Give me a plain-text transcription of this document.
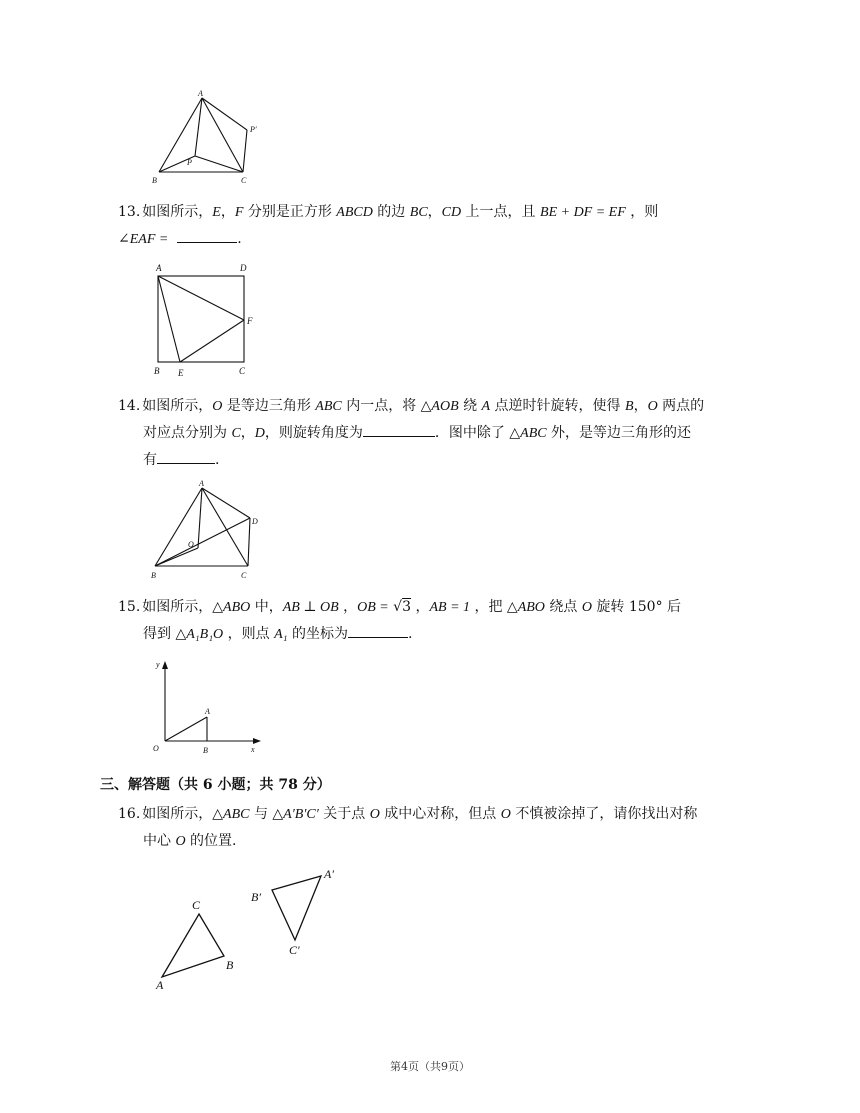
A
P′
P
B	C
13. 如图所示，E，F 分别是正方形 ABCD 的边 BC，CD 上一点，且 BE + DF = EF ，则
∠EAF =	.
A	D
F
B E	C
14. 如图所示，O 是等边三角形 ABC 内一点，将 △AOB 绕 A 点逆时针旋转，使得 B，O 两点的
对应点分别为 C，D，则旋转角度为	．图中除了 △ABC 外，是等边三角形的还
有	.
A
D
O
B	C
15. 如图所示，△ABO 中，AB ⊥ OB ，OB = √3 ，AB = 1 ，把 △ABO 绕点 O 旋转 150° 后
得到 △A₁B₁O ，则点 A₁ 的坐标为	.
y
A
O	B	x
三、解答题（共 6 小题；共 78 分）
16. 如图所示，△ABC 与 △A′B′C′ 关于点 O 成中心对称，但点 O 不慎被涂掉了，请你找出对称
中心 O 的位置.
C
B
A
A′
B′
C′
第4页（共9页）
